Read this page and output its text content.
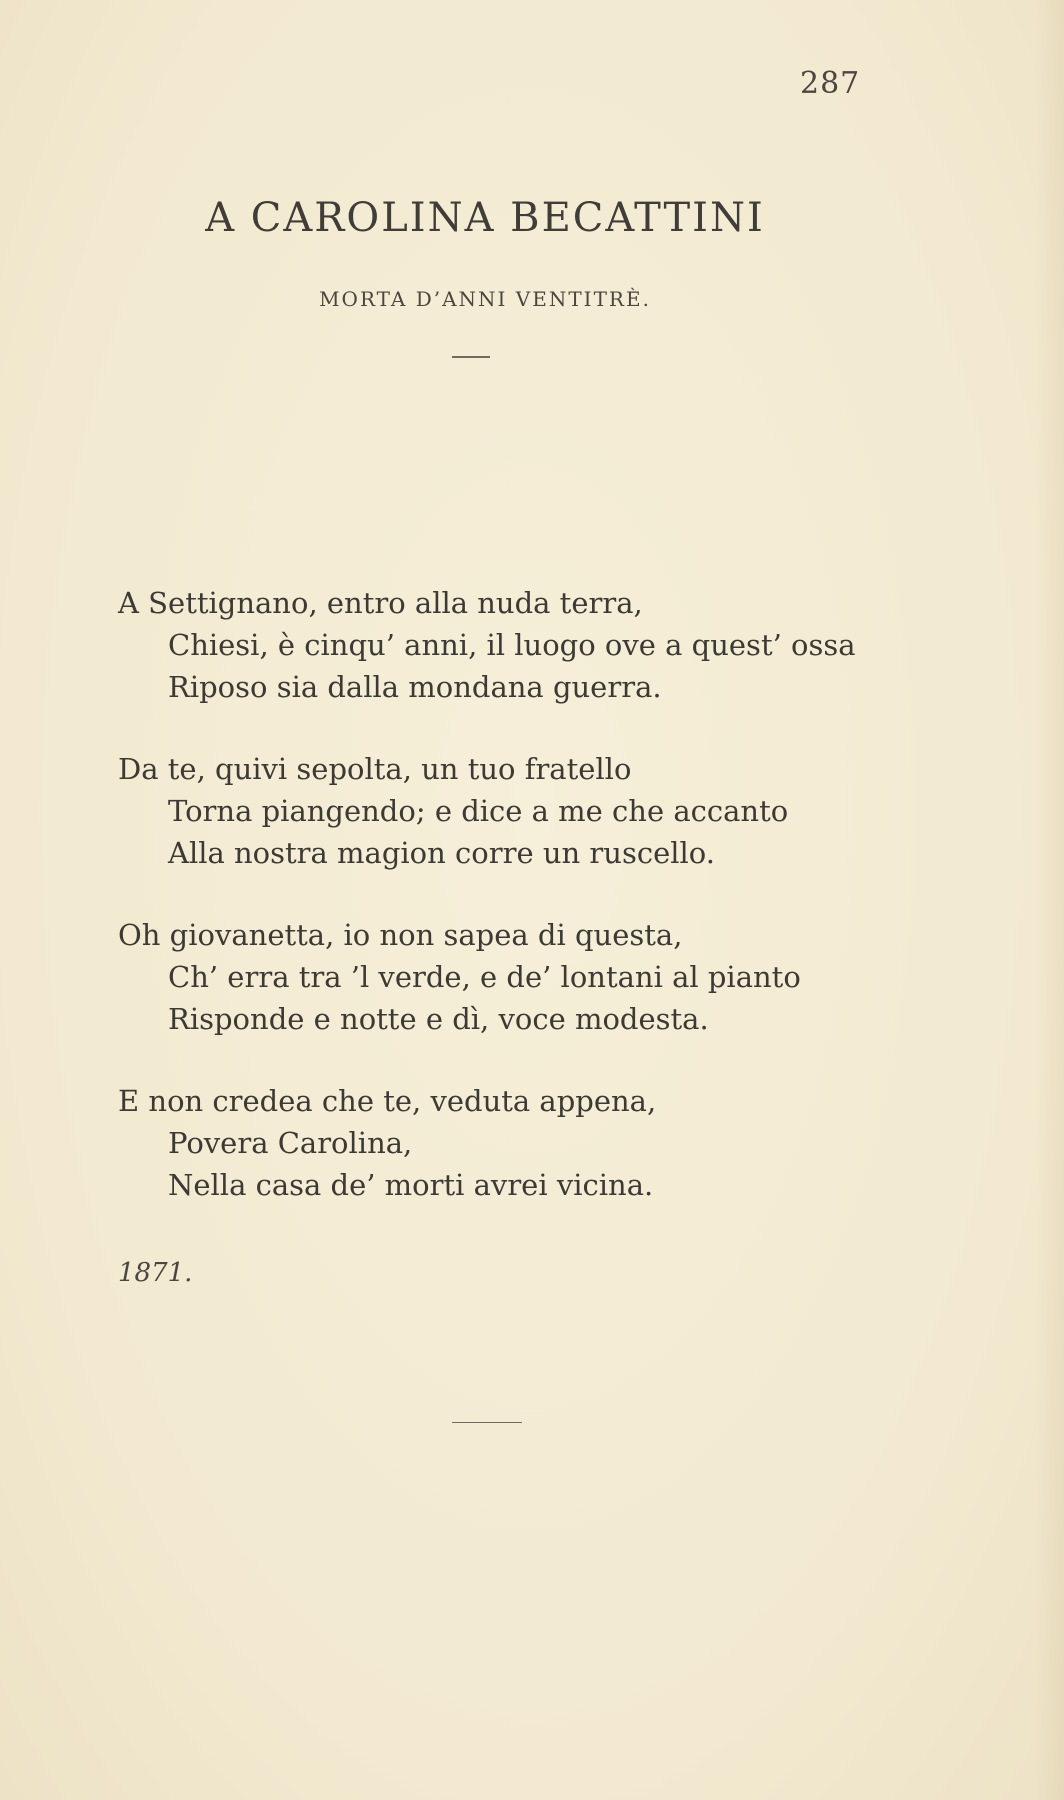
287
A CAROLINA BECATTINI
MORTA D’ANNI VENTITRÈ.
A Settignano, entro alla nuda terra,
Chiesi, è cinqu’ anni, il luogo ove a quest’ ossa
Riposo sia dalla mondana guerra.
Da te, quivi sepolta, un tuo fratello
Torna piangendo; e dice a me che accanto
Alla nostra magion corre un ruscello.
Oh giovanetta, io non sapea di questa,
Ch’ erra tra ’l verde, e de’ lontani al pianto
Risponde e notte e dì, voce modesta.
E non credea che te, veduta appena,
Povera Carolina,
Nella casa de’ morti avrei vicina.
1871.
